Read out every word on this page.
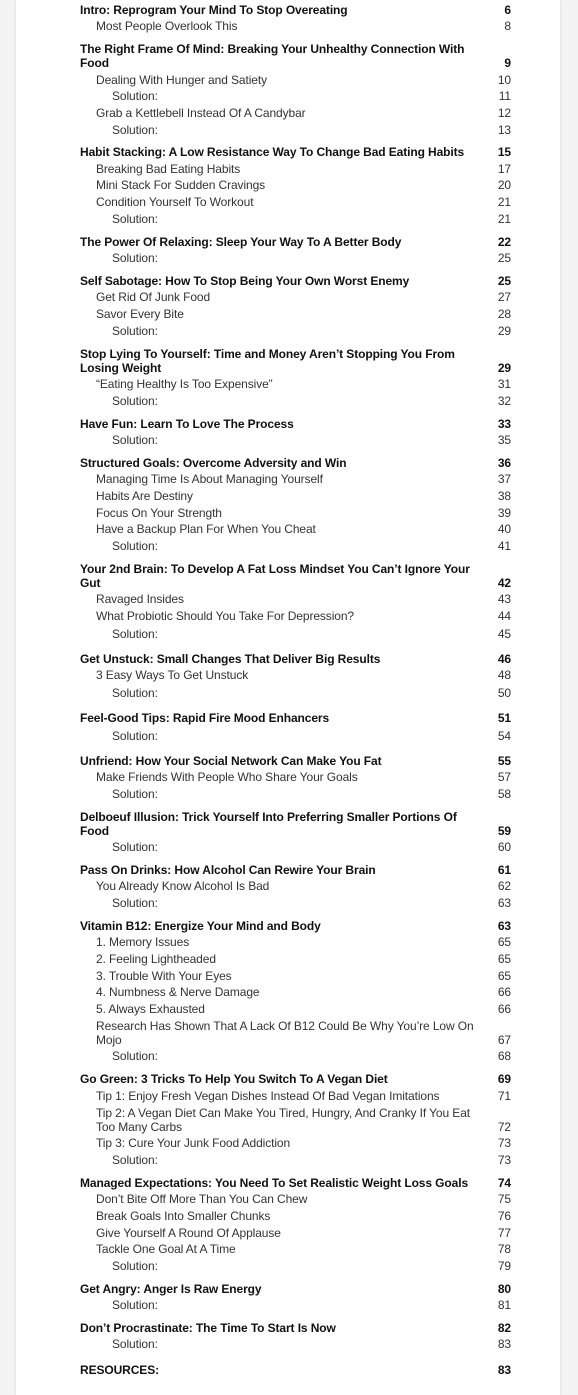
Intro: Reprogram Your Mind To Stop Overeating	6
Most People Overlook This	8
The Right Frame Of Mind: Breaking Your Unhealthy Connection With Food	9
Dealing With Hunger and Satiety	10
Solution:	11
Grab a Kettlebell Instead Of A Candybar	12
Solution:	13
Habit Stacking: A Low Resistance Way To Change Bad Eating Habits	15
Breaking Bad Eating Habits	17
Mini Stack For Sudden Cravings	20
Condition Yourself To Workout	21
Solution:	21
The Power Of Relaxing: Sleep Your Way To A Better Body	22
Solution:	25
Self Sabotage: How To Stop Being Your Own Worst Enemy	25
Get Rid Of Junk Food	27
Savor Every Bite	28
Solution:	29
Stop Lying To Yourself: Time and Money Aren’t Stopping You From Losing Weight	29
“Eating Healthy Is Too Expensive”	31
Solution:	32
Have Fun: Learn To Love The Process	33
Solution:	35
Structured Goals: Overcome Adversity and Win	36
Managing Time Is About Managing Yourself	37
Habits Are Destiny	38
Focus On Your Strength	39
Have a Backup Plan For When You Cheat	40
Solution:	41
Your 2nd Brain: To Develop A Fat Loss Mindset You Can’t Ignore Your Gut	42
Ravaged Insides	43
What Probiotic Should You Take For Depression?	44
Solution:	45
Get Unstuck: Small Changes That Deliver Big Results	46
3 Easy Ways To Get Unstuck	48
Solution:	50
Feel-Good Tips: Rapid Fire Mood Enhancers	51
Solution:	54
Unfriend: How Your Social Network Can Make You Fat	55
Make Friends With People Who Share Your Goals	57
Solution:	58
Delboeuf Illusion: Trick Yourself Into Preferring Smaller Portions Of Food	59
Solution:	60
Pass On Drinks: How Alcohol Can Rewire Your Brain	61
You Already Know Alcohol Is Bad	62
Solution:	63
Vitamin B12: Energize Your Mind and Body	63
1. Memory Issues	65
2. Feeling Lightheaded	65
3. Trouble With Your Eyes	65
4. Numbness & Nerve Damage	66
5. Always Exhausted	66
Research Has Shown That A Lack Of B12 Could Be Why You’re Low On Mojo	67
Solution:	68
Go Green: 3 Tricks To Help You Switch To A Vegan Diet	69
Tip 1: Enjoy Fresh Vegan Dishes Instead Of Bad Vegan Imitations	71
Tip 2: A Vegan Diet Can Make You Tired, Hungry, And Cranky If You Eat Too Many Carbs	72
Tip 3: Cure Your Junk Food Addiction	73
Solution:	73
Managed Expectations: You Need To Set Realistic Weight Loss Goals	74
Don’t Bite Off More Than You Can Chew	75
Break Goals Into Smaller Chunks	76
Give Yourself A Round Of Applause	77
Tackle One Goal At A Time	78
Solution:	79
Get Angry: Anger Is Raw Energy	80
Solution:	81
Don’t Procrastinate: The Time To Start Is Now	82
Solution:	83
RESOURCES:	83
